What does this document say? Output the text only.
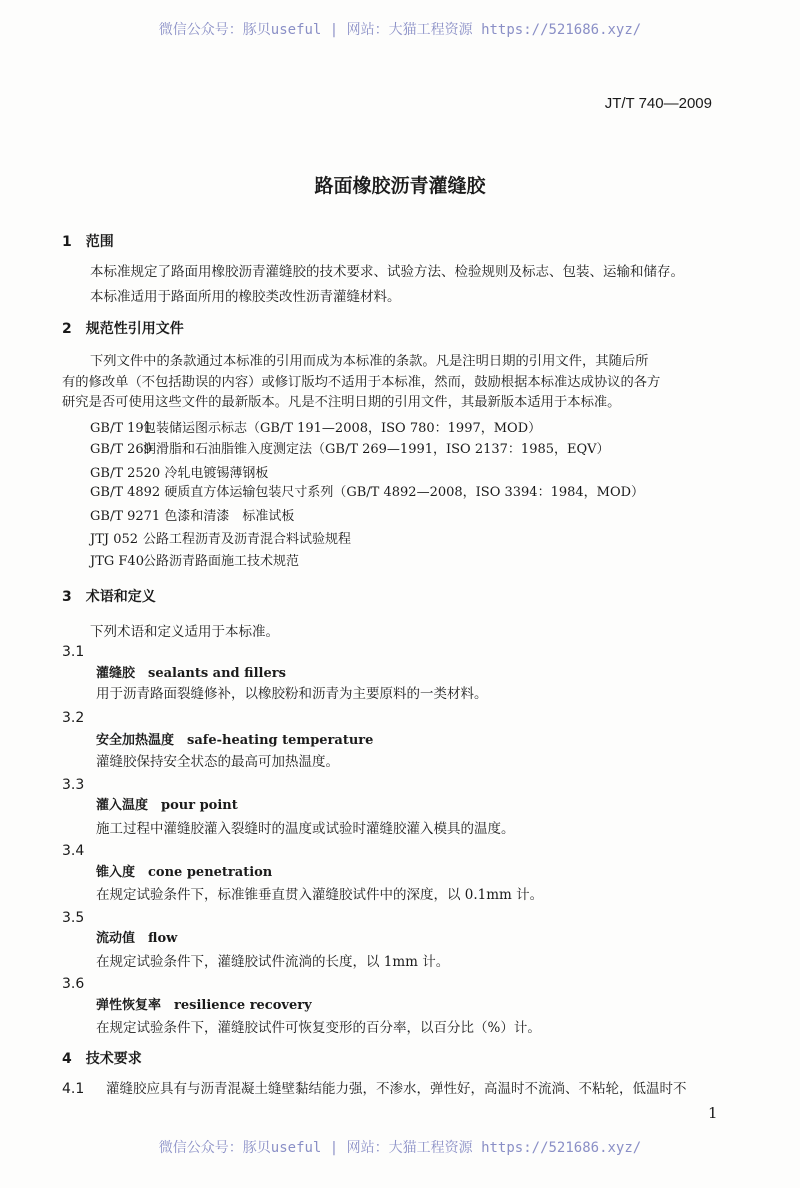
微信公众号：豚贝useful | 网站：大猫工程资源 https://521686.xyz/
JT/T 740—2009
路面橡胶沥青灌缝胶
1　范围
本标准规定了路面用橡胶沥青灌缝胶的技术要求、试验方法、检验规则及标志、包装、运输和储存。
本标准适用于路面所用的橡胶类改性沥青灌缝材料。
2　规范性引用文件
下列文件中的条款通过本标准的引用而成为本标准的条款。凡是注明日期的引用文件，其随后所
有的修改单（不包括勘误的内容）或修订版均不适用于本标准，然而，鼓励根据本标准达成协议的各方
研究是否可使用这些文件的最新版本。凡是不注明日期的引用文件，其最新版本适用于本标准。
GB/T 191包装储运图示标志（GB/T 191—2008，ISO 780：1997，MOD）
GB/T 269润滑脂和石油脂锥入度测定法（GB/T 269—1991，ISO 2137：1985，EQV）
GB/T 2520 冷轧电镀锡薄钢板
GB/T 4892 硬质直方体运输包装尺寸系列（GB/T 4892—2008，ISO 3394：1984，MOD）
GB/T 9271 色漆和清漆　标准试板
JTJ 052 公路工程沥青及沥青混合料试验规程
JTG F40公路沥青路面施工技术规范
3　术语和定义
下列术语和定义适用于本标准。
3.1
灌缝胶　sealants and fillers
用于沥青路面裂缝修补，以橡胶粉和沥青为主要原料的一类材料。
3.2
安全加热温度　safe-heating temperature
灌缝胶保持安全状态的最高可加热温度。
3.3
灌入温度　pour point
施工过程中灌缝胶灌入裂缝时的温度或试验时灌缝胶灌入模具的温度。
3.4
锥入度　cone penetration
在规定试验条件下，标准锥垂直贯入灌缝胶试件中的深度，以 0.1mm 计。
3.5
流动值　flow
在规定试验条件下，灌缝胶试件流淌的长度，以 1mm 计。
3.6
弹性恢复率　resilience recovery
在规定试验条件下，灌缝胶试件可恢复变形的百分率，以百分比（%）计。
4　技术要求
4.1 灌缝胶应具有与沥青混凝土缝壁黏结能力强，不渗水，弹性好，高温时不流淌、不粘轮，低温时不
1
微信公众号：豚贝useful | 网站：大猫工程资源 https://521686.xyz/
